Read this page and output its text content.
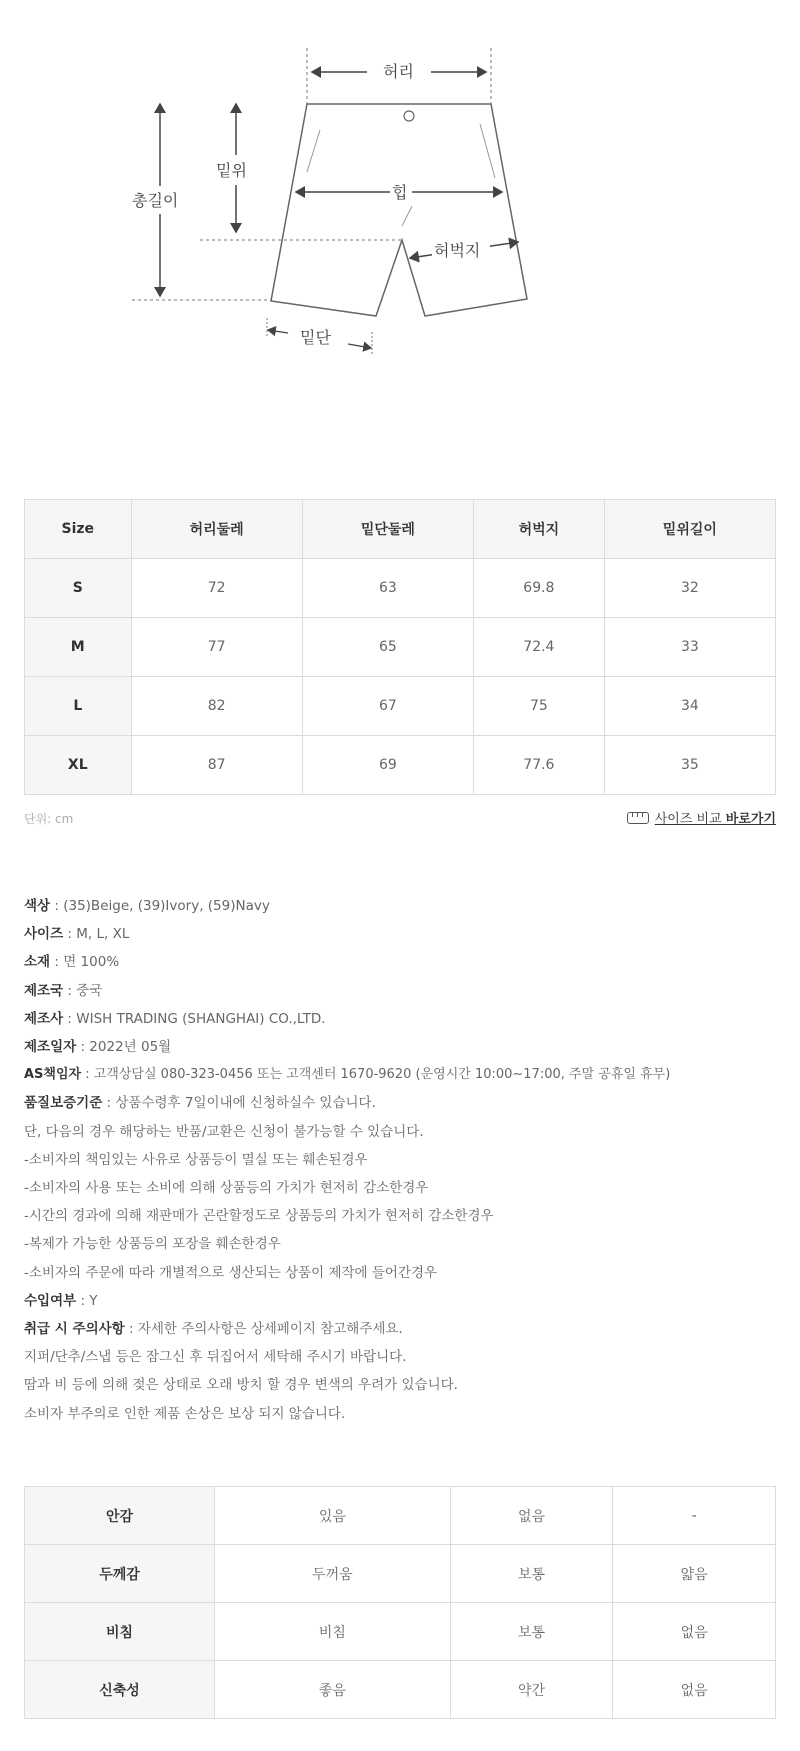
허리
밑위
총길이	힙
허벅지
밑단
Size	허리둘레	밑단둘레	허벅지	밑위길이
S	72	63	69.8	32
M	77	65	72.4	33
L	82	67	75	34
XL	87	69	77.6	35
단위: cm	사이즈 비교 바로가기
색상 : (35)Beige, (39)Ivory, (59)Navy
사이즈 : M, L, XL
소재 : 면 100%
제조국 : 중국
제조사 : WISH TRADING (SHANGHAI) CO.,LTD.
제조일자 : 2022년 05월
AS책임자 : 고객상담실 080-323-0456 또는 고객센터 1670-9620 (운영시간 10:00~17:00, 주말 공휴일 휴무)
품질보증기준 : 상품수령후 7일이내에 신청하실수 있습니다.
단, 다음의 경우 해당하는 반품/교환은 신청이 불가능할 수 있습니다.
-소비자의 책임있는 사유로 상품등이 멸실 또는 훼손된경우
-소비자의 사용 또는 소비에 의해 상품등의 가치가 현저히 감소한경우
-시간의 경과에 의해 재판매가 곤란할정도로 상품등의 가치가 현저히 감소한경우
-복제가 가능한 상품등의 포장을 훼손한경우
-소비자의 주문에 따라 개별적으로 생산되는 상품이 제작에 들어간경우
수입여부 : Y
취급 시 주의사항 : 자세한 주의사항은 상세페이지 참고해주세요.
지퍼/단추/스냅 등은 잠그신 후 뒤집어서 세탁해 주시기 바랍니다.
땀과 비 등에 의해 젖은 상태로 오래 방치 할 경우 변색의 우려가 있습니다.
소비자 부주의로 인한 제품 손상은 보상 되지 않습니다.
안감	있음	없음	-
두께감	두꺼움	보통	얇음
비침	비침	보통	없음
신축성	좋음	약간	없음
